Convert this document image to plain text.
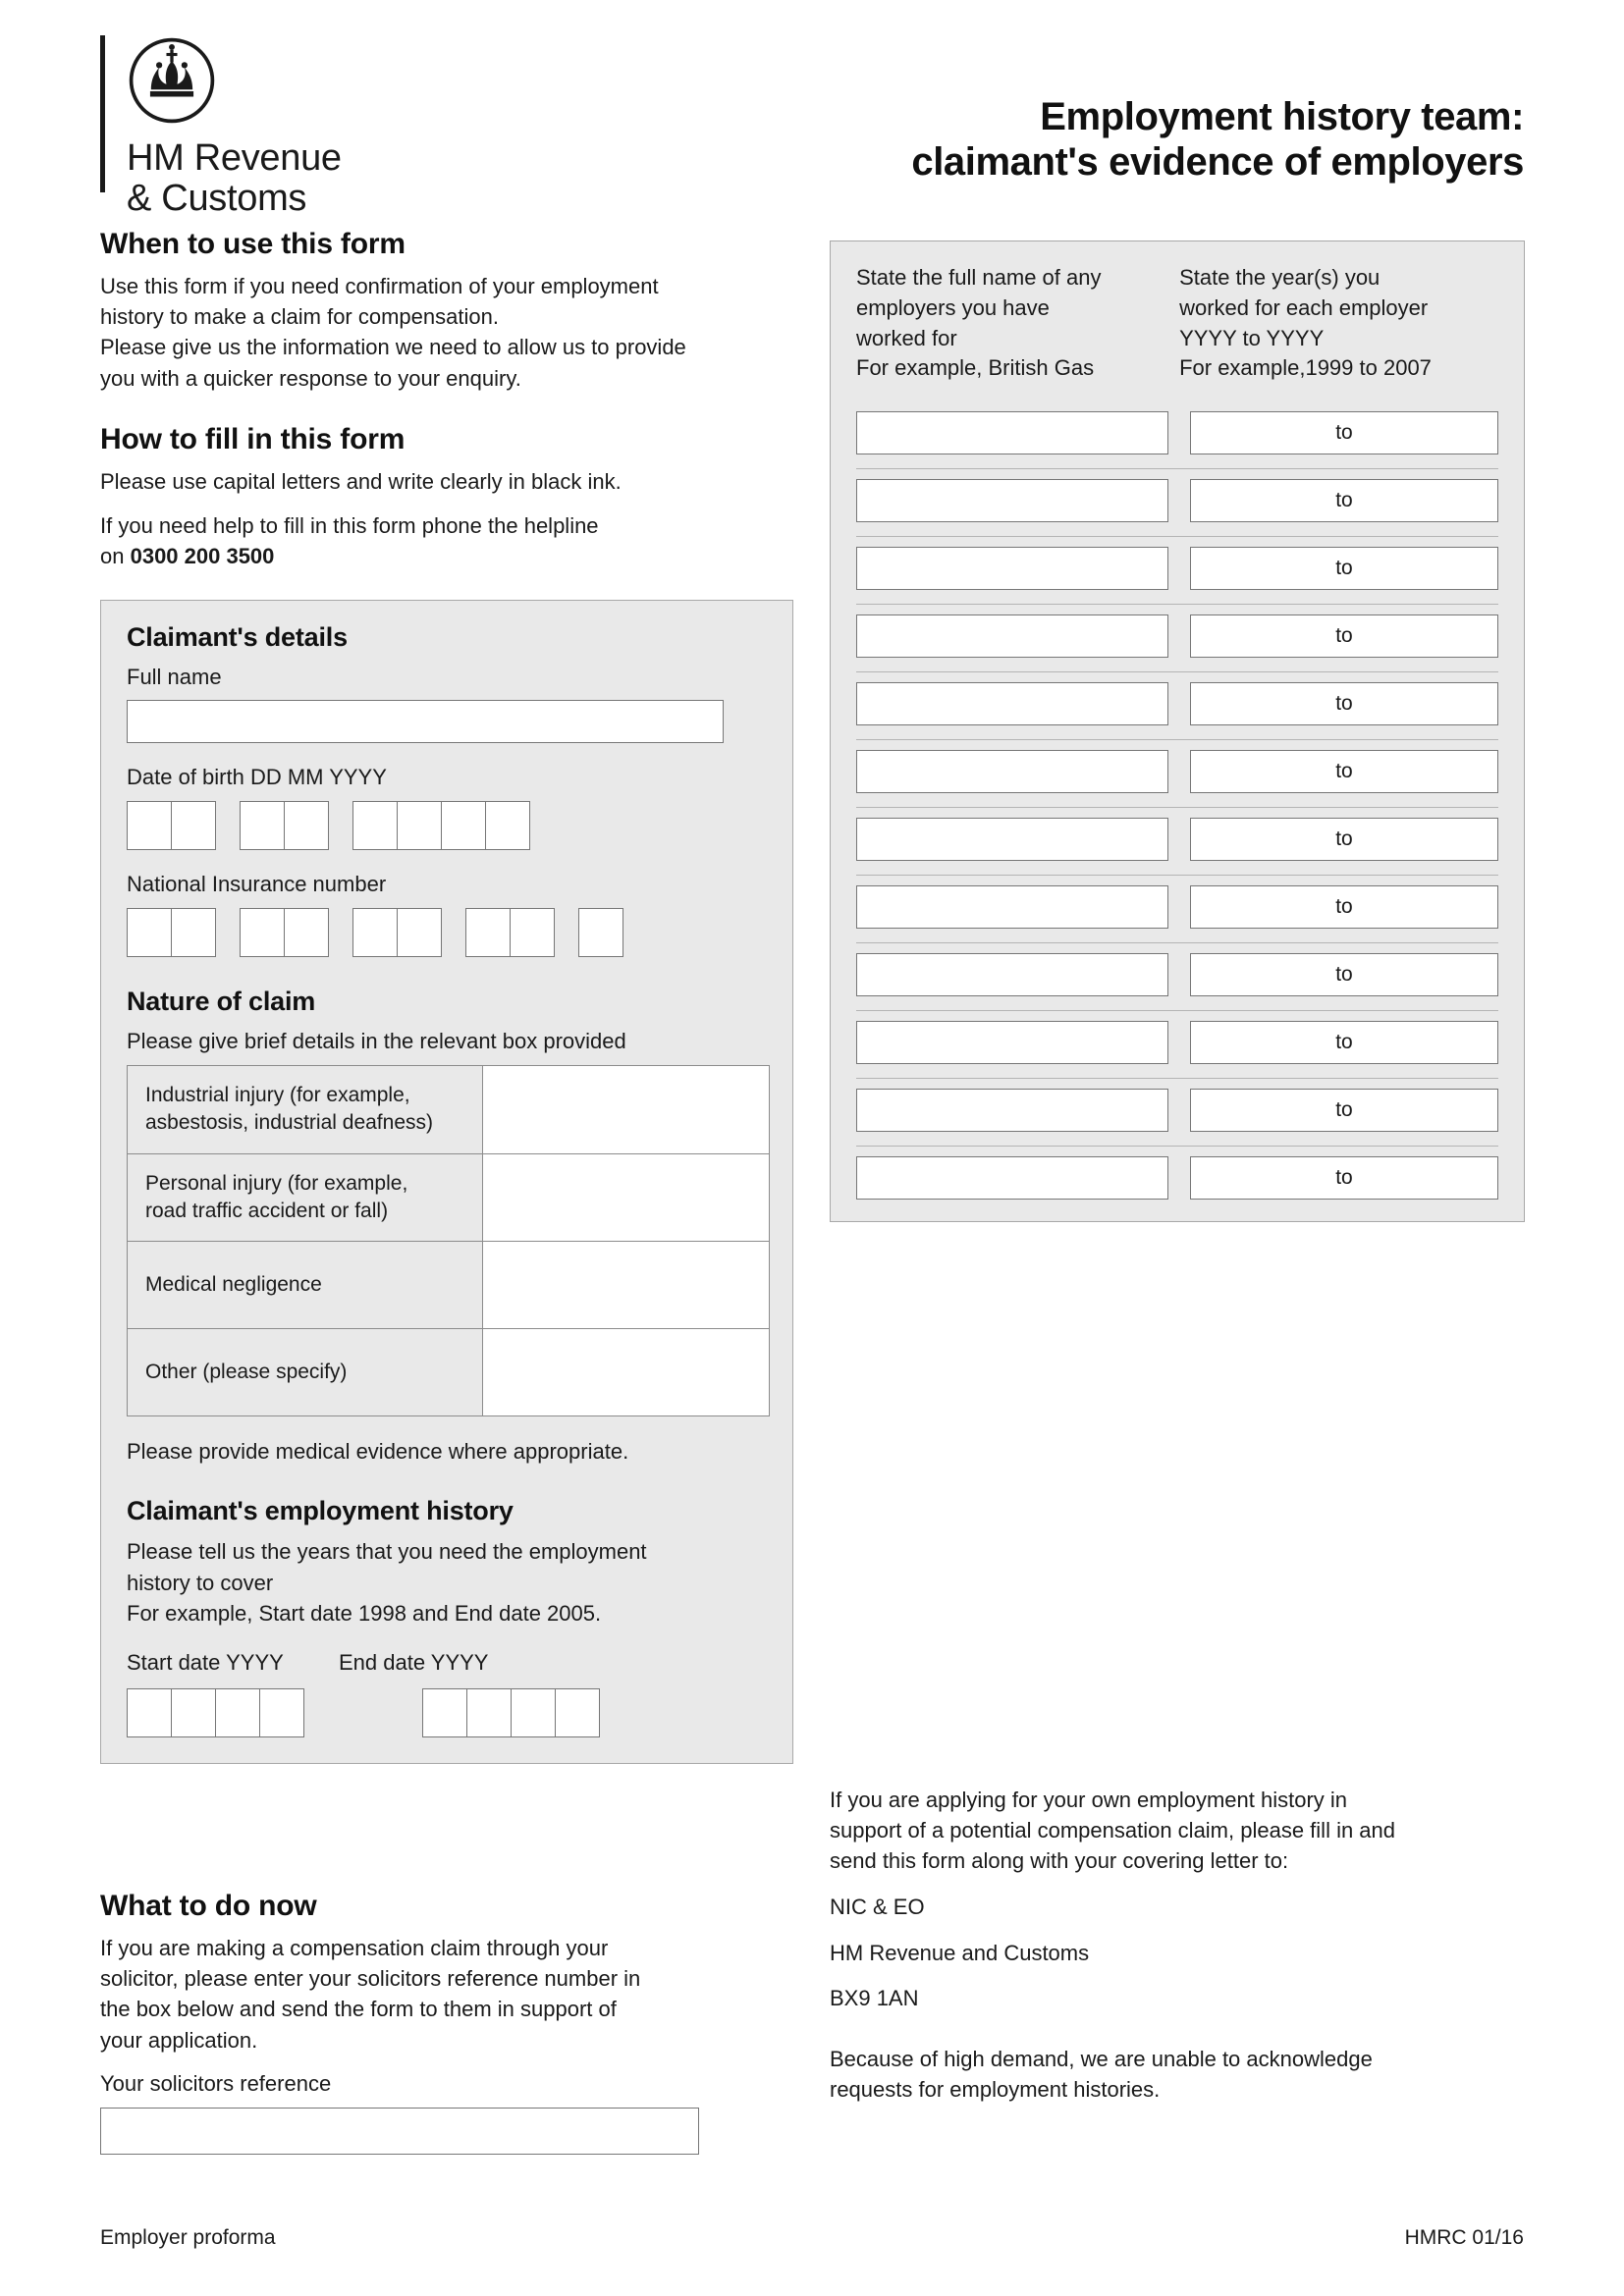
HM Revenue
& Customs
Employment history team:
claimant's evidence of employers
When to use this form

Use this form if you need confirmation of your employment
history to make a claim for compensation.
Please give us the information we need to allow us to provide
you with a quicker response to your enquiry.

How to fill in this form

Please use capital letters and write clearly in black ink.

If you need help to fill in this form phone the helpline
on 0300 200 3500

Claimant's details
Full name
Date of birth DD MM YYYY
National Insurance number
Nature of claim
Please give brief details in the relevant box provided
Industrial injury (for example,
asbestosis, industrial deafness)
Personal injury (for example,
road traffic accident or fall)
Medical negligence
Other (please specify)

Please provide medical evidence where appropriate.

Claimant's employment history

Please tell us the years that you need the employment
history to cover
For example, Start date 1998 and End date 2005.

Start date YYYY	End date YYYY
What to do now

If you are making a compensation claim through your
solicitor, please enter your solicitors reference number in
the box below and send the form to them in support of
your application.

Your solicitors reference
State the full name of any
employers you have
worked for
For example, British Gas
State the year(s) you
worked for each employer
YYYY to YYYY
For example,1999 to 2007
to
to
to
to
to
to
to
to
to
to
to
to

If you are applying for your own employment history in
support of a potential compensation claim, please fill in and
send this form along with your covering letter to:

NIC & EO
HM Revenue and Customs
BX9 1AN

Because of high demand, we are unable to acknowledge
requests for employment histories.

Employer proforma	HMRC 01/16
